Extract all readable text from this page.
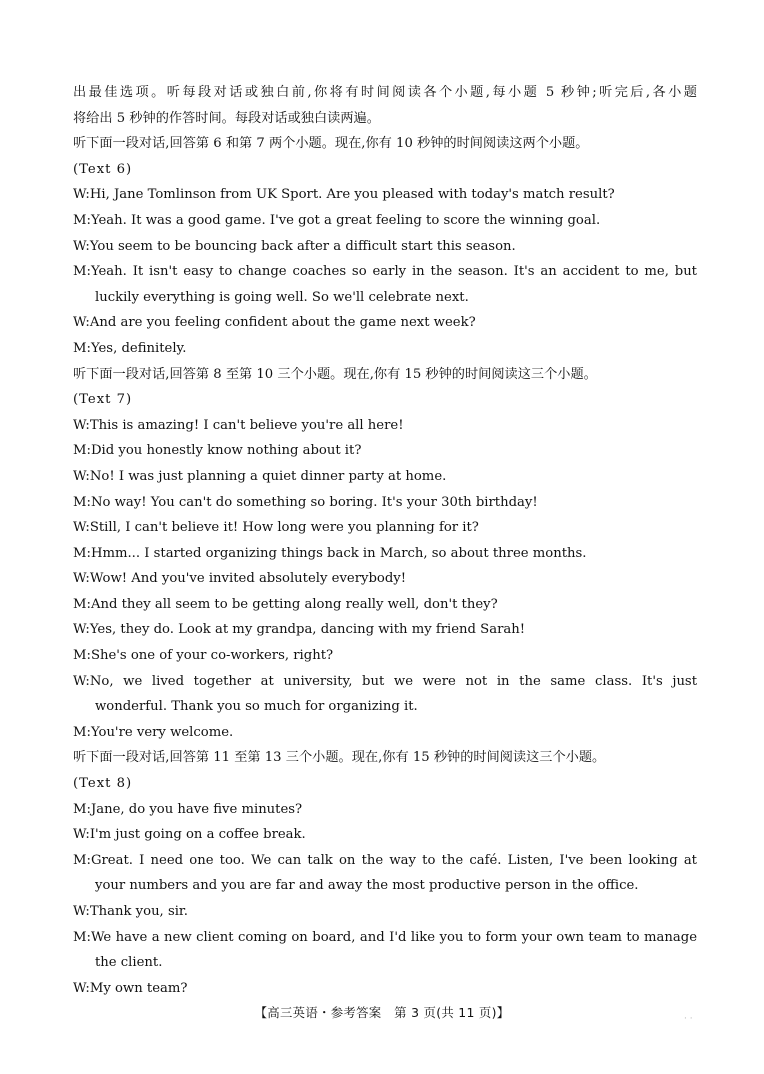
出最佳选项。听每段对话或独白前,你将有时间阅读各个小题,每小题 5 秒钟;听完后,各小题
将给出 5 秒钟的作答时间。每段对话或独白读两遍。
听下面一段对话,回答第 6 和第 7 两个小题。现在,你有 10 秒钟的时间阅读这两个小题。
(Text 6)
W:Hi, Jane Tomlinson from UK Sport. Are you pleased with today's match result?
M:Yeah. It was a good game. I've got a great feeling to score the winning goal.
W:You seem to be bouncing back after a difficult start this season.
M:Yeah. It isn't easy to change coaches so early in the season. It's an accident to me, but
luckily everything is going well. So we'll celebrate next.
W:And are you feeling confident about the game next week?
M:Yes, definitely.
听下面一段对话,回答第 8 至第 10 三个小题。现在,你有 15 秒钟的时间阅读这三个小题。
(Text 7)
W:This is amazing! I can't believe you're all here!
M:Did you honestly know nothing about it?
W:No! I was just planning a quiet dinner party at home.
M:No way! You can't do something so boring. It's your 30th birthday!
W:Still, I can't believe it! How long were you planning for it?
M:Hmm... I started organizing things back in March, so about three months.
W:Wow! And you've invited absolutely everybody!
M:And they all seem to be getting along really well, don't they?
W:Yes, they do. Look at my grandpa, dancing with my friend Sarah!
M:She's one of your co-workers, right?
W:No, we lived together at university, but we were not in the same class. It's just
wonderful. Thank you so much for organizing it.
M:You're very welcome.
听下面一段对话,回答第 11 至第 13 三个小题。现在,你有 15 秒钟的时间阅读这三个小题。
(Text 8)
M:Jane, do you have five minutes?
W:I'm just going on a coffee break.
M:Great. I need one too. We can talk on the way to the café. Listen, I've been looking at
your numbers and you are far and away the most productive person in the office.
W:Thank you, sir.
M:We have a new client coming on board, and I'd like you to form your own team to manage
the client.
W:My own team?
【高三英语・参考答案　第 3 页(共 11 页)】	· ·
